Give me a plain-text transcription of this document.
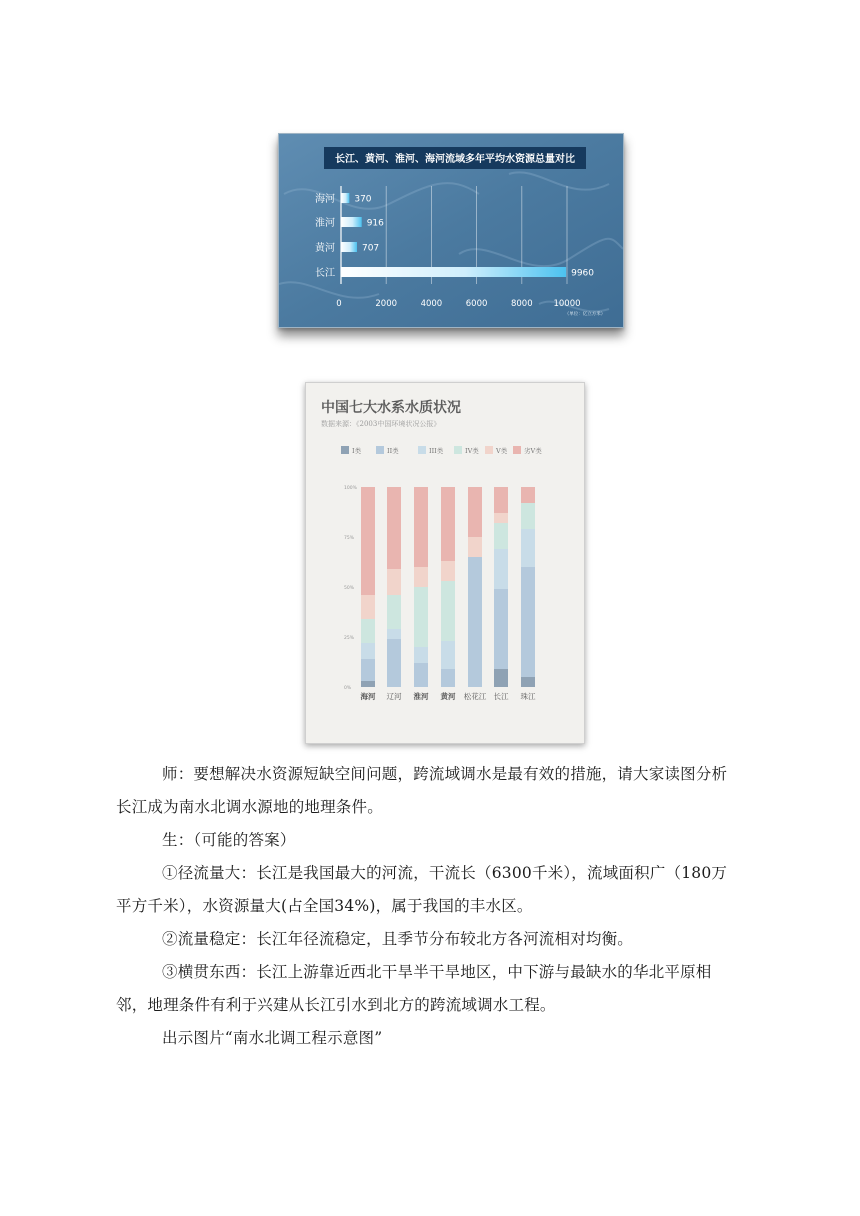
长江、黄河、淮河、海河流域多年平均水资源总量对比
海河 370
淮河	916
黄河	707
长江	9960
0	2000	4000	6000	8000 10000
（单位：亿立方米）
中国七大水系水质状况
数据来源：《2003中国环境状况公报》
I类	II类	III类	IV类	V类	劣V类
0%
25%
50%
75%
100%
海河 辽河 淮河 黄河 松花江 长江 珠江

师：要想解决水资源短缺空间问题，跨流域调水是最有效的措施，请大家读图分析长江成为南水北调水源地的地理条件。

生：（可能的答案）

①径流量大：长江是我国最大的河流，干流长（6300千米），流域面积广（180万平方千米），水资源量大(占全国34%)，属于我国的丰水区。

②流量稳定：长江年径流稳定，且季节分布较北方各河流相对均衡。

③横贯东西：长江上游靠近西北干旱半干旱地区，中下游与最缺水的华北平原相邻，地理条件有利于兴建从长江引水到北方的跨流域调水工程。

出示图片“南水北调工程示意图”
